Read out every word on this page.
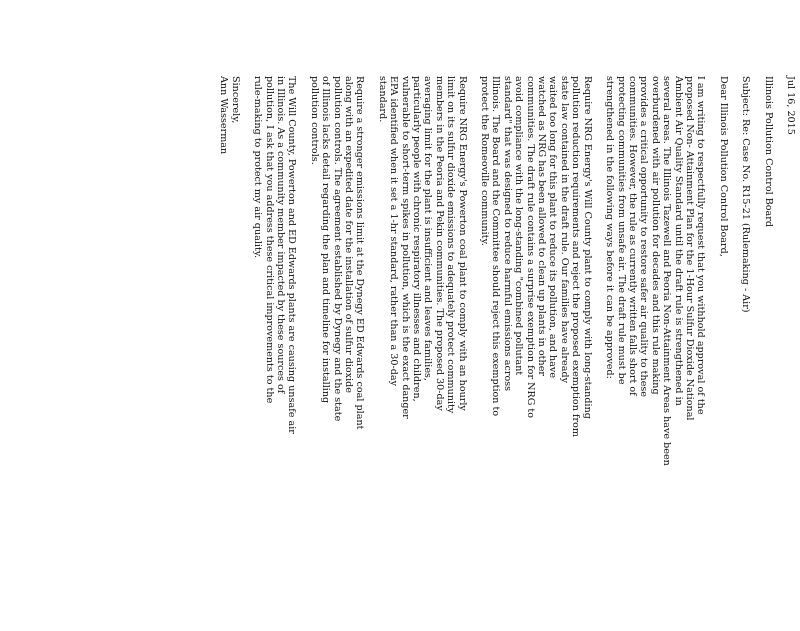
Jul 16, 2015
Illinois Pollution Control Board
Subject: Re: Case No. R15-21 (Rulemaking - Air)
Dear Illinois Pollution Control Board,
I am writing to respectfully request that you withhold approval of the
proposed Non- Attainment Plan for the 1-Hour Sulfur Dioxide National
Ambient Air Quality Standard until the draft rule is strengthened in
several areas. The Illinois Tazewell and Peoria Non-Attainment Areas have been
overburdened with air pollution for decades and this rule making
provides a critical opportunity to restore safer air quality to these
communities. However, the rule as currently written falls short of
protecting communities from unsafe air. The draft rule must be
strengthened in the following ways before it can be approved:
Require NRG Energy's Will County plant to comply with long-standing
pollution reduction requirements and reject the proposed exemption from
state law contained in the draft rule. Our families have already
waited too long for this plant to reduce its pollution, and have
watched as NRG has been allowed to clean up plants in other
communities. The draft rule contains a surprise exemption for NRG to
avoid compliance with the long-standing "combined pollutant
standard" that was designed to reduce harmful emissions across
Illinois. The Board and the Committee should reject this exemption to
protect the Romeoville community.
Require NRG Energy's Powerton coal plant to comply with an hourly
limit on its sulfur dioxide emissions to adequately protect community
members in the Peoria and Pekin communities. The proposed 30-day
averaging limit for the plant is insufficient and leaves families,
particularly people with chronic respiratory illnesses and children,
vulnerable to short-term spikes in pollution, which is the exact danger
EPA identified when it set a 1-hr standard, rather than a 30-day
standard.
Require a stronger emissions limit at the Dynegy ED Edwards coal plant
along with an expedited date for the installation of sulfur dioxide
pollution controls. The agreement established by Dynegy and the state
of Illinois lacks detail regarding the plan and timeline for installing
pollution controls.
The Will County, Powerton and ED Edwards plants are causing unsafe air
in Illinois. As a community member impacted by these sources of
pollution, I ask that you address these critical improvements to the
rule-making to protect my air quality.
Sincerely,
Ann Wasserman
